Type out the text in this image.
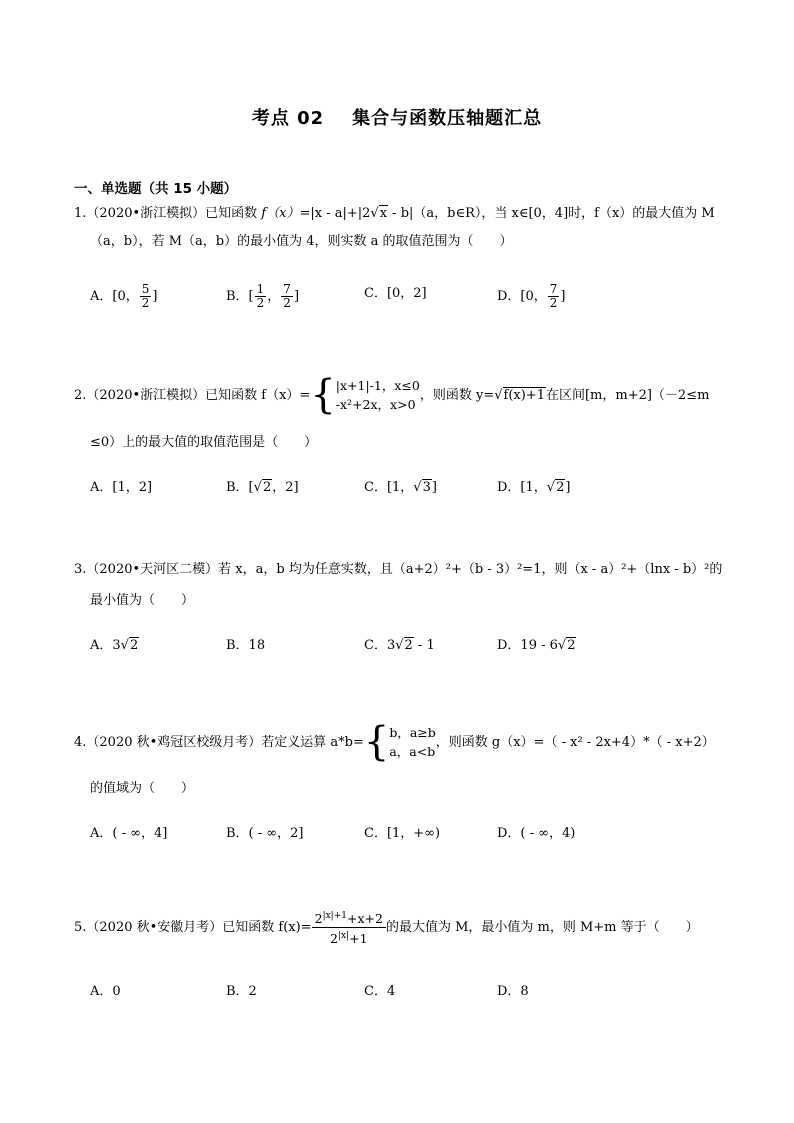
考点 02 集合与函数压轴题汇总
一、单选题（共 15 小题）
1.（2020•浙江模拟）已知函数 f（x）=|x - a|+|2√x - b|（a，b∈R），当 x∈[0，4]时，f（x）的最大值为 M
（a，b），若 M（a，b）的最小值为 4，则实数 a 的取值范围为（　　）
A．[0， $\frac{5}{2}$ ]	B．[ $\frac{1}{2}$ ， $\frac{7}{2}$ ]	C．[0，2]	D．[0， $\frac{7}{2}$ ]
2.（2020•浙江模拟）已知函数 f（x）={ |x+1|-1，x≤0
-x²+2x，x>0
，则函数 y=√f(x)+1在区间[m，m+2]（－2≤m
≤0）上的最大值的取值范围是（　　）
A．[1，2]	B．[√2，2]	C．[1，√3]	D．[1，√2]
3.（2020•天河区二模）若 x，a，b 均为任意实数，且（a+2）²+（b - 3）²=1，则（x - a）²+（lnx - b）²的
最小值为（　　）
A．3√2	B．18	C．3√2 - 1	D．19 - 6√2
4.（2020 秋•鸡冠区校级月考）若定义运算 a*b={ b，a≥b
a，a<b
，则函数 g（x）=（ - x² - 2x+4）*（ - x+2）
的值域为（　　）
A．( - ∞，4]	B．( - ∞，2]	C．[1，+∞)	D．( - ∞，4)
5.（2020 秋•安徽月考）已知函数 $f(x)= \frac{2^{|x|+1}+x+2}{2^{|x|}+1}$ 的最大值为 M，最小值为 m，则 M+m 等于（　　）
A．0	B．2	C．4	D．8
